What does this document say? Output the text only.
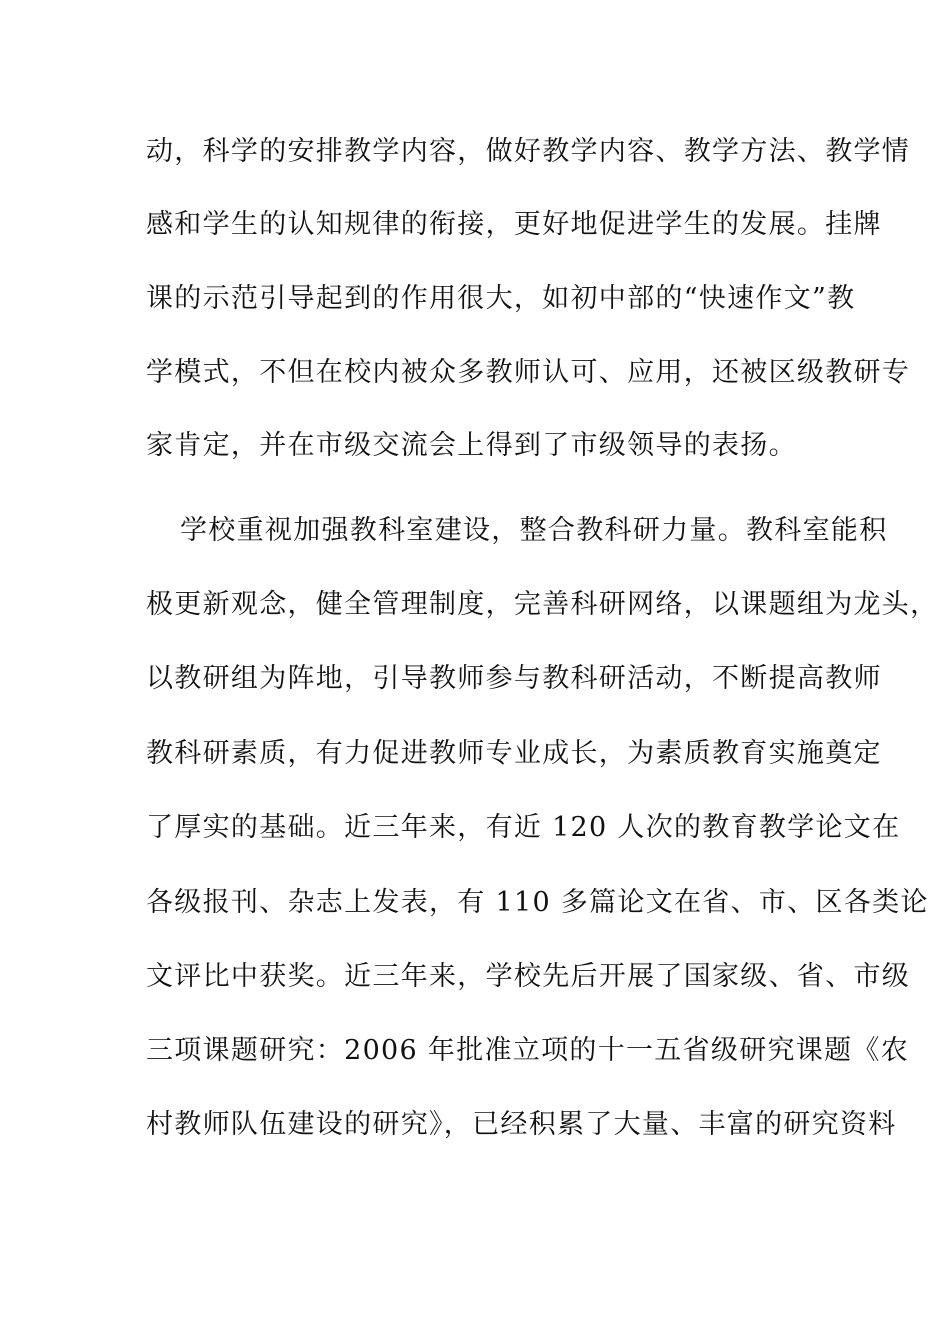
动，科学的安排教学内容，做好教学内容、教学方法、教学情
感和学生的认知规律的衔接，更好地促进学生的发展。挂牌
课的示范引导起到的作用很大，如初中部的“快速作文”教
学模式，不但在校内被众多教师认可、应用，还被区级教研专
家肯定，并在市级交流会上得到了市级领导的表扬。
学校重视加强教科室建设，整合教科研力量。教科室能积
极更新观念，健全管理制度，完善科研网络，以课题组为龙头，
以教研组为阵地，引导教师参与教科研活动，不断提高教师
教科研素质，有力促进教师专业成长，为素质教育实施奠定
了厚实的基础。近三年来，有近 120 人次的教育教学论文在
各级报刊、杂志上发表，有 110 多篇论文在省、市、区各类论
文评比中获奖。近三年来，学校先后开展了国家级、省、市级
三项课题研究：2006 年批准立项的十一五省级研究课题《农
村教师队伍建设的研究》，已经积累了大量、丰富的研究资料
